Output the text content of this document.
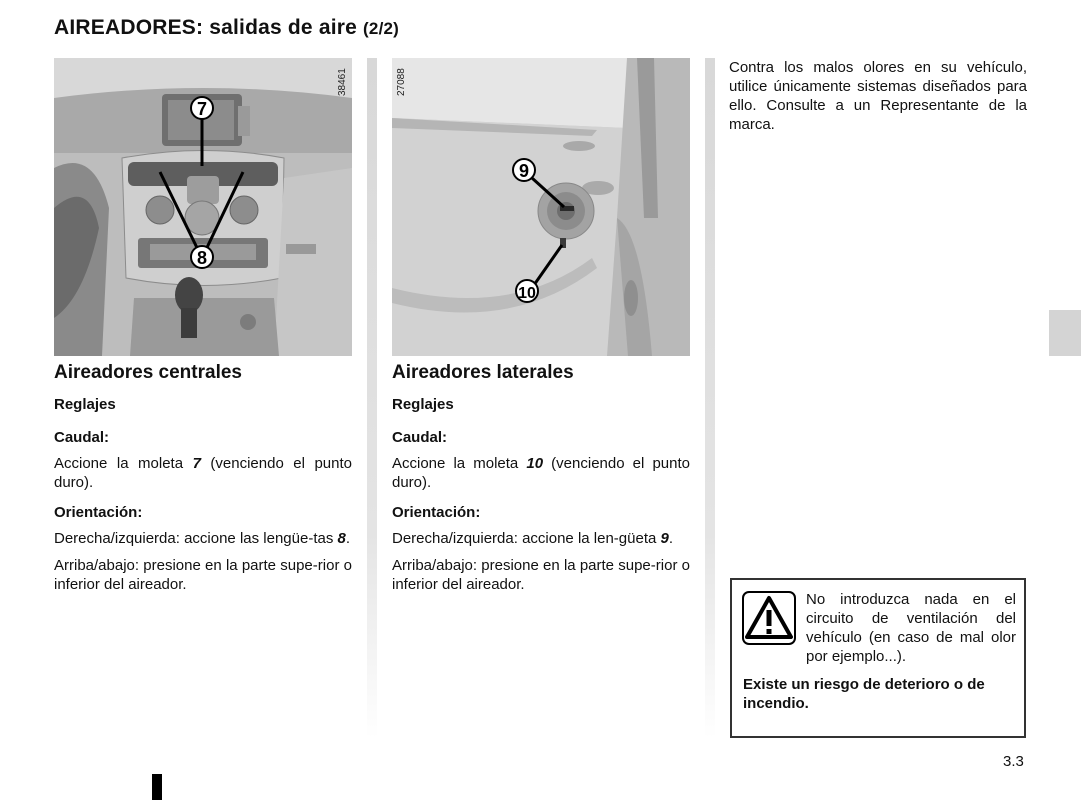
AIREADORES: salidas de aire (2/2)
7
8
38461
Aireadores centrales
Reglajes
Caudal:

Accione la moleta 7 (venciendo el punto duro).

Orientación:

Derecha/izquierda: accione las lengüe-tas 8.

Arriba/abajo: presione en la parte supe-rior o inferior del aireador.

9
10
27088
Aireadores laterales
Reglajes
Caudal:

Accione la moleta 10 (venciendo el punto duro).

Orientación:

Derecha/izquierda: accione la len-güeta 9.

Arriba/abajo: presione en la parte supe-rior o inferior del aireador.

Contra los malos olores en su vehículo, utilice únicamente sistemas diseñados para ello. Consulte a un Representante de la marca.

No introduzca nada en el circuito de ventilación del vehículo (en caso de mal olor por ejemplo...).
Existe un riesgo de deterioro o de incendio.
3.3
